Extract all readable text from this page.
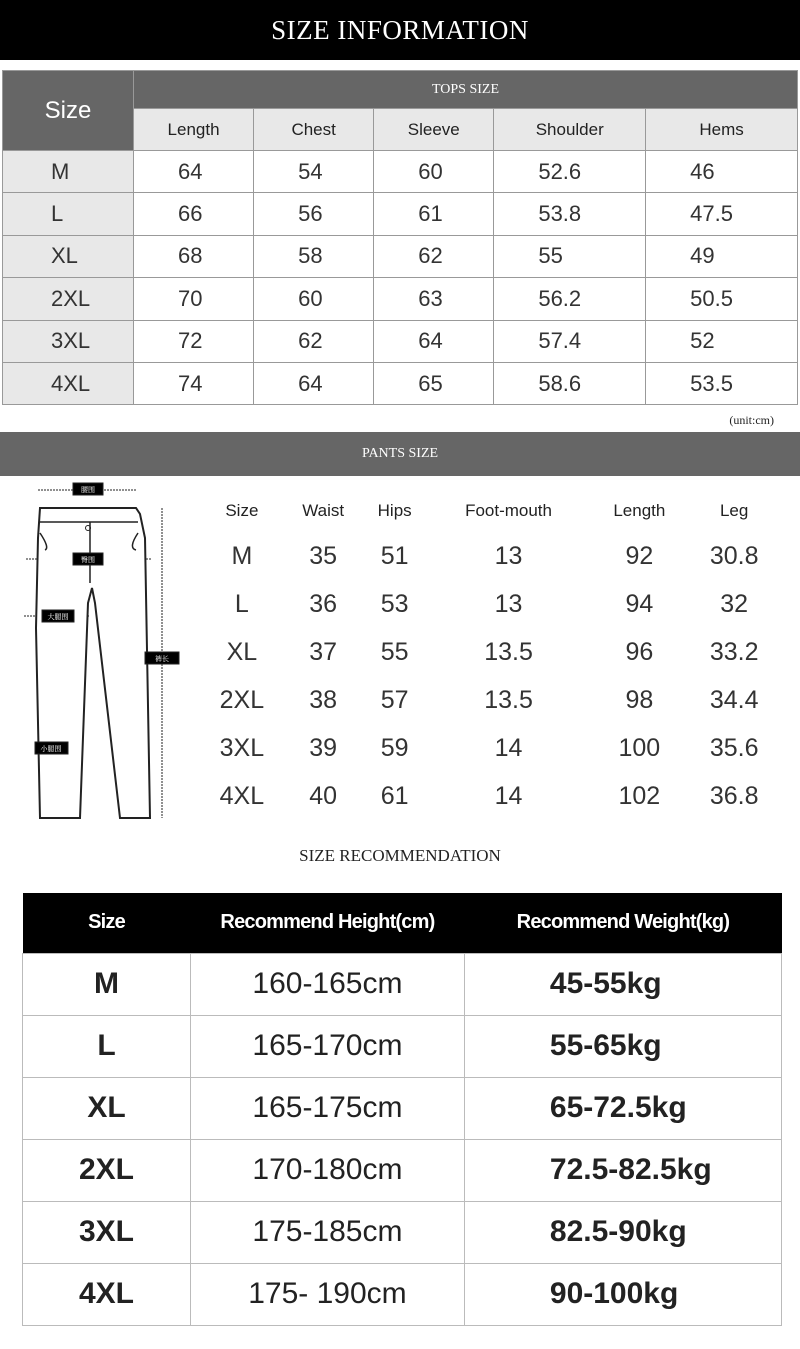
SIZE INFORMATION
Size	TOPS SIZE				
	Length	Chest	Sleeve	Shoulder	Hems
M	64	54	60	52.6	46
L	66	56	61	53.8	47.5
XL	68	58	62	55	49
2XL	70	60	63	56.2	50.5
3XL	72	62	64	57.4	52
4XL	74	64	65	58.6	53.5
(unit:cm)
PANTS SIZE
腰围
臀围
大腿围
裤长
小腿围
Size	Waist	Hips	Foot-mouth	Length	Leg
M	35	51	13	92	30.8
L	36	53	13	94	32
XL	37	55	13.5	96	33.2
2XL	38	57	13.5	98	34.4
3XL	39	59	14	100	35.6
4XL	40	61	14	102	36.8
SIZE RECOMMENDATION
Size	Recommend Height(cm)	Recommend Weight(kg)
M	160-165cm	45-55kg
L	165-170cm	55-65kg
XL	165-175cm	65-72.5kg
2XL	170-180cm	72.5-82.5kg
3XL	175-185cm	82.5-90kg
4XL	175- 190cm	90-100kg
